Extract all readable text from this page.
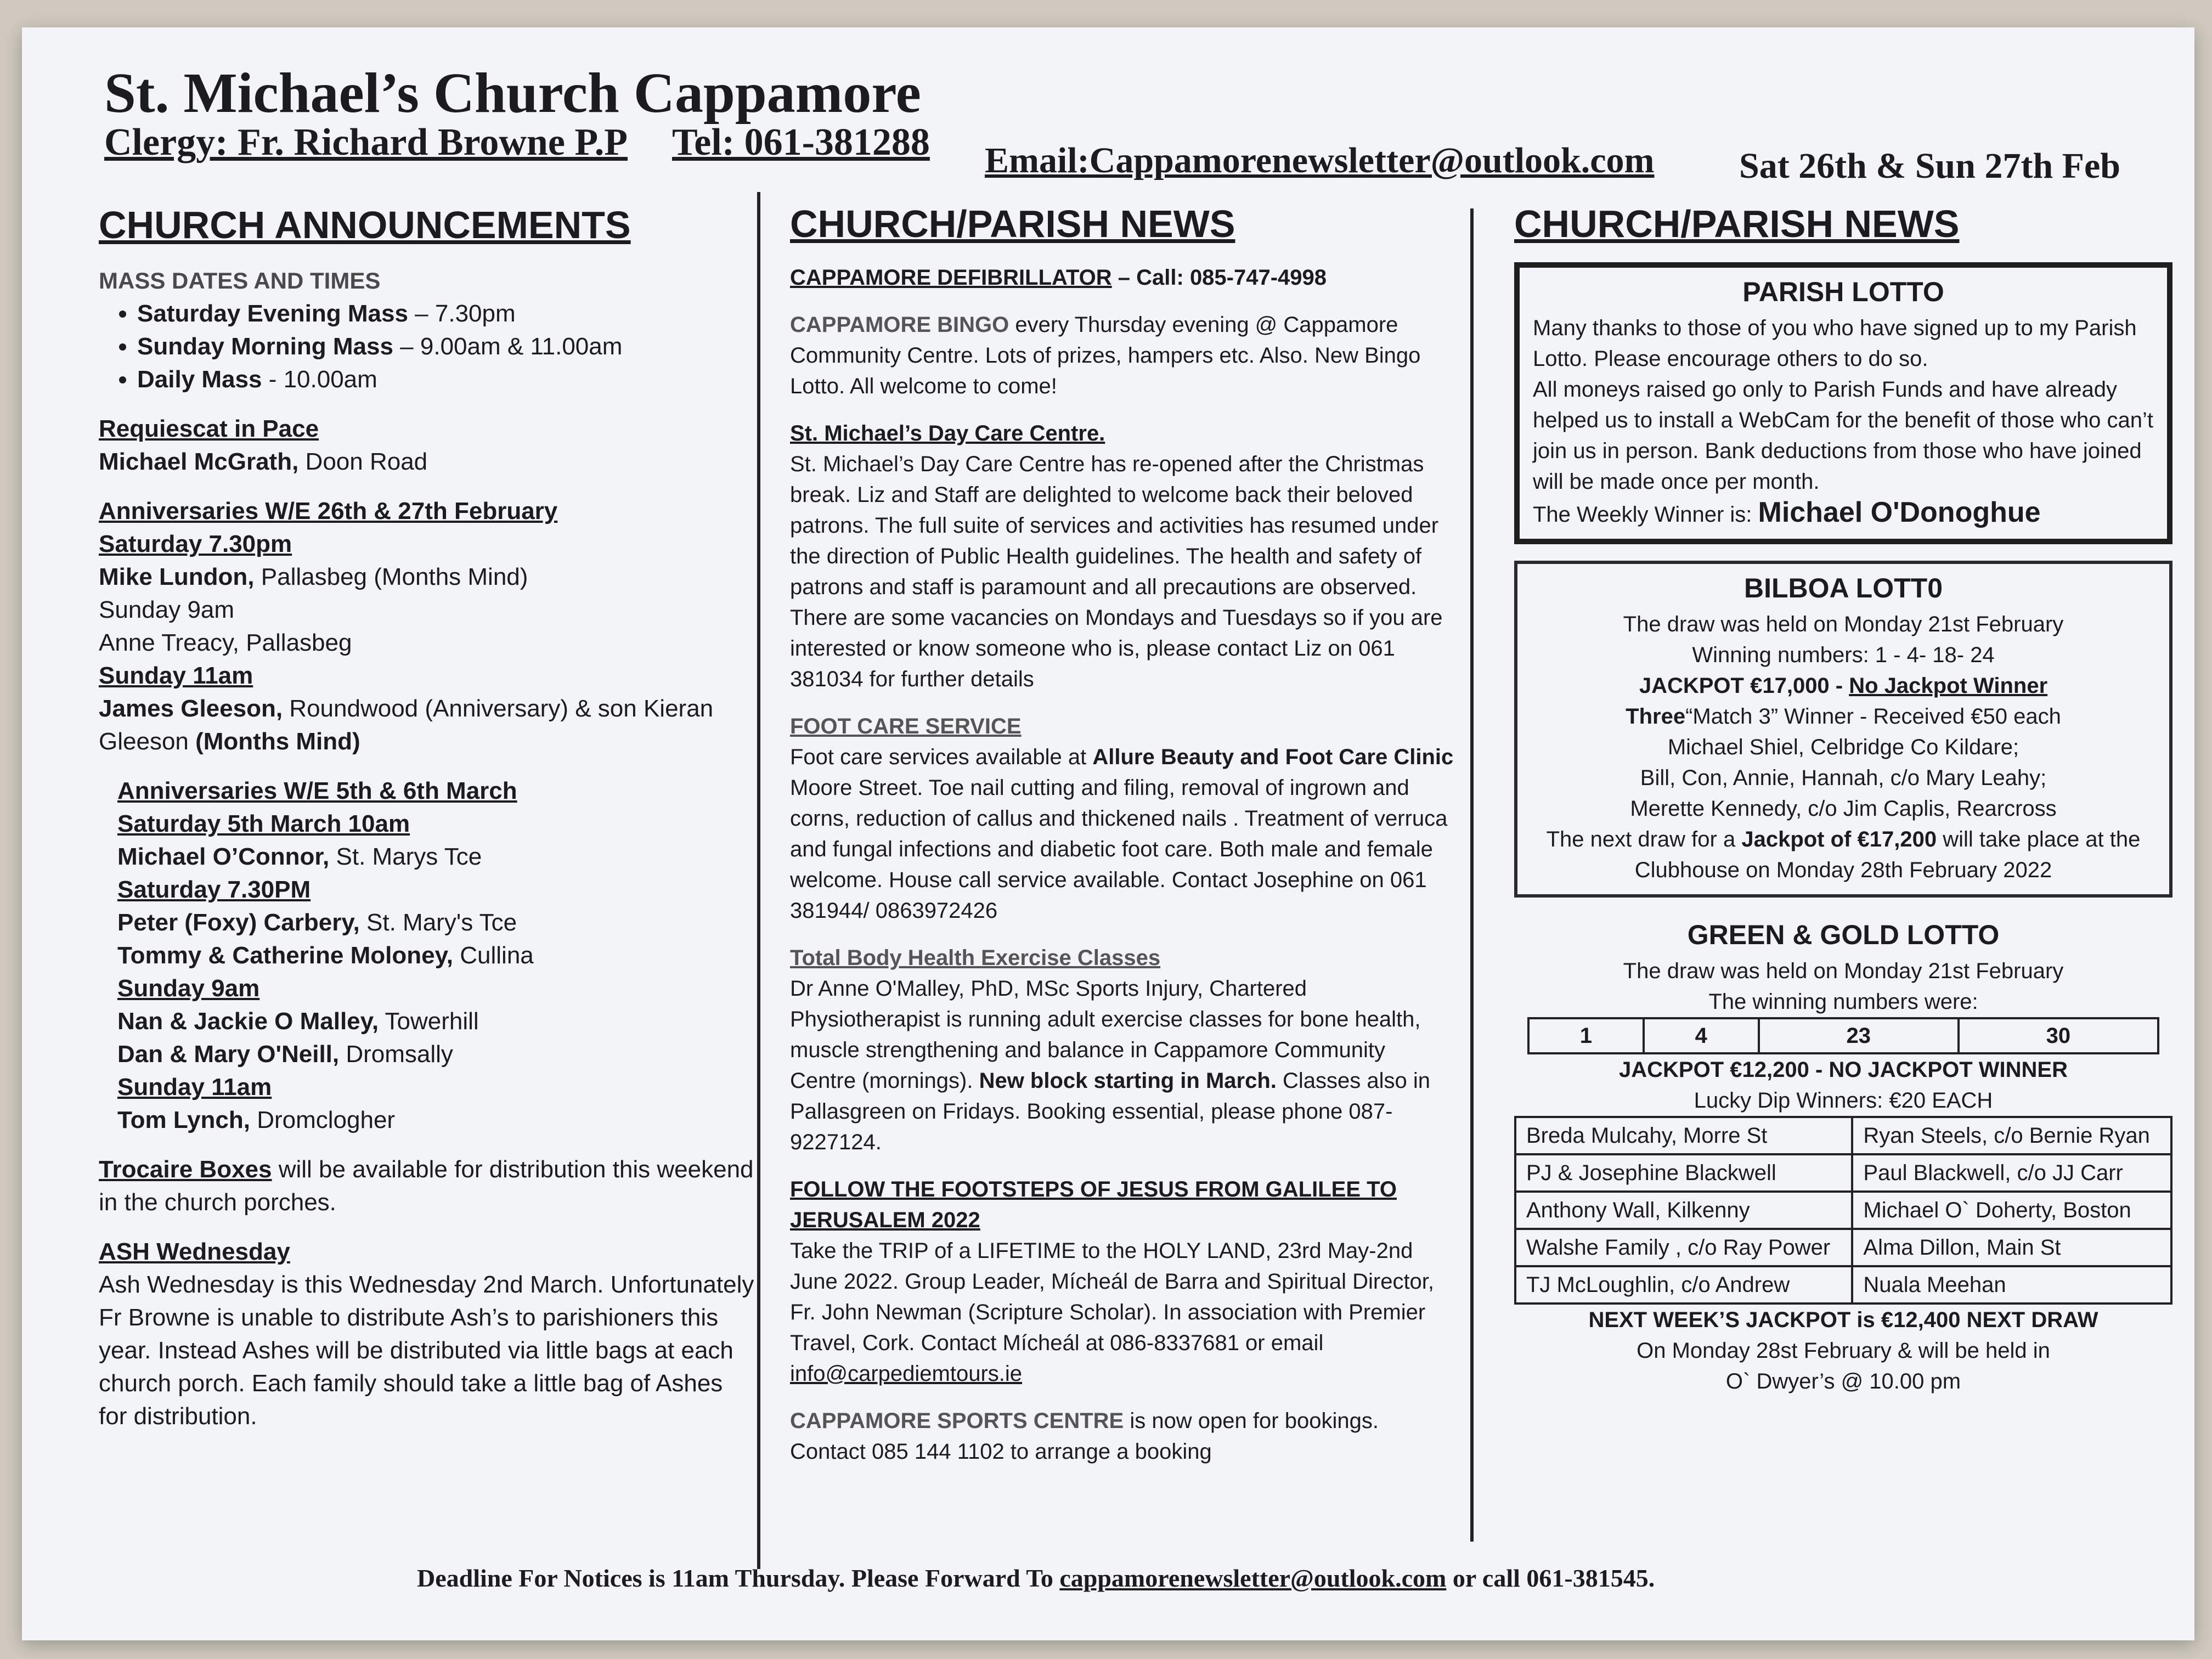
St. Michael’s Church Cappamore
Clergy: Fr. Richard Browne P.P Tel: 061-381288 Email:Cappamorenewsletter@outlook.com Sat 26th & Sun 27th Feb
CHURCH ANNOUNCEMENTS
MASS DATES AND TIMES
• Saturday Evening Mass – 7.30pm
• Sunday Morning Mass – 9.00am & 11.00am
• Daily Mass - 10.00am
Requiescat in Pace

Michael McGrath, Doon Road

Anniversaries W/E 26th & 27th February
Saturday 7.30pm

Mike Lundon, Pallasbeg (Months Mind)

Sunday 9am

Anne Treacy, Pallasbeg

Sunday 11am

James Gleeson, Roundwood (Anniversary) & son Kieran Gleeson (Months Mind)

Anniversaries W/E 5th & 6th March
Saturday 5th March 10am

Michael O’Connor, St. Marys Tce

Saturday 7.30PM

Peter (Foxy) Carbery, St. Mary's Tce

Tommy & Catherine Moloney, Cullina

Sunday 9am

Nan & Jackie O Malley, Towerhill

Dan & Mary O'Neill, Dromsally

Sunday 11am

Tom Lynch, Dromclogher

Trocaire Boxes will be available for distribution this weekend in the church porches.

ASH Wednesday

Ash Wednesday is this Wednesday 2nd March. Unfortunately Fr Browne is unable to distribute Ash’s to parishioners this year. Instead Ashes will be distributed via little bags at each church porch. Each family should take a little bag of Ashes for distribution.

CHURCH/PARISH NEWS

CAPPAMORE DEFIBRILLATOR – Call: 085-747-4998

CAPPAMORE BINGO every Thursday evening @ Cappamore Community Centre. Lots of prizes, hampers etc. Also. New Bingo Lotto. All welcome to come!

St. Michael’s Day Care Centre.

St. Michael’s Day Care Centre has re-opened after the Christmas break. Liz and Staff are delighted to welcome back their beloved patrons. The full suite of services and activities has resumed under the direction of Public Health guidelines. The health and safety of patrons and staff is paramount and all precautions are observed. There are some vacancies on Mondays and Tuesdays so if you are interested or know someone who is, please contact Liz on 061 381034 for further details

FOOT CARE SERVICE

Foot care services available at Allure Beauty and Foot Care Clinic Moore Street. Toe nail cutting and filing, removal of ingrown and corns, reduction of callus and thickened nails . Treatment of verruca and fungal infections and diabetic foot care. Both male and female welcome. House call service available. Contact Josephine on 061 381944/ 0863972426

Total Body Health Exercise Classes

Dr Anne O'Malley, PhD, MSc Sports Injury, Chartered Physiotherapist is running adult exercise classes for bone health, muscle strengthening and balance in Cappamore Community Centre (mornings). New block starting in March. Classes also in Pallasgreen on Fridays. Booking essential, please phone 087-9227124.

FOLLOW THE FOOTSTEPS OF JESUS FROM GALILEE TO JERUSALEM 2022

Take the TRIP of a LIFETIME to the HOLY LAND, 23rd May-2nd June 2022. Group Leader, Mícheál de Barra and Spiritual Director, Fr. John Newman (Scripture Scholar). In association with Premier Travel, Cork. Contact Mícheál at 086-8337681 or email info@carpediemtours.ie

CAPPAMORE SPORTS CENTRE is now open for bookings. Contact 085 144 1102 to arrange a booking

CHURCH/PARISH NEWS
PARISH LOTTO

Many thanks to those of you who have signed up to my Parish Lotto. Please encourage others to do so.

All moneys raised go only to Parish Funds and have already helped us to install a WebCam for the benefit of those who can’t join us in person. Bank deductions from those who have joined will be made once per month.

The Weekly Winner is: Michael O'Donoghue

BILBOA LOTT0

The draw was held on Monday 21st February

Winning numbers: 1 - 4- 18- 24

JACKPOT €17,000 - No Jackpot Winner

Three“Match 3” Winner - Received €50 each

Michael Shiel, Celbridge Co Kildare;

Bill, Con, Annie, Hannah, c/o Mary Leahy;

Merette Kennedy, c/o Jim Caplis, Rearcross

The next draw for a Jackpot of €17,200 will take place at the Clubhouse on Monday 28th February 2022

GREEN & GOLD LOTTO

The draw was held on Monday 21st February

The winning numbers were:

1	4	23	30

JACKPOT €12,200 - NO JACKPOT WINNER

Lucky Dip Winners: €20 EACH

Breda Mulcahy, Morre St	Ryan Steels, c/o Bernie Ryan
PJ & Josephine Blackwell	Paul Blackwell, c/o JJ Carr
Anthony Wall, Kilkenny	Michael O` Doherty, Boston
Walshe Family , c/o Ray Power	Alma Dillon, Main St
TJ McLoughlin, c/o Andrew	Nuala Meehan

NEXT WEEK’S JACKPOT is €12,400 NEXT DRAW

On Monday 28st February & will be held in

O` Dwyer’s @ 10.00 pm

Deadline For Notices is 11am Thursday. Please Forward To cappamorenewsletter@outlook.com or call 061-381545.
